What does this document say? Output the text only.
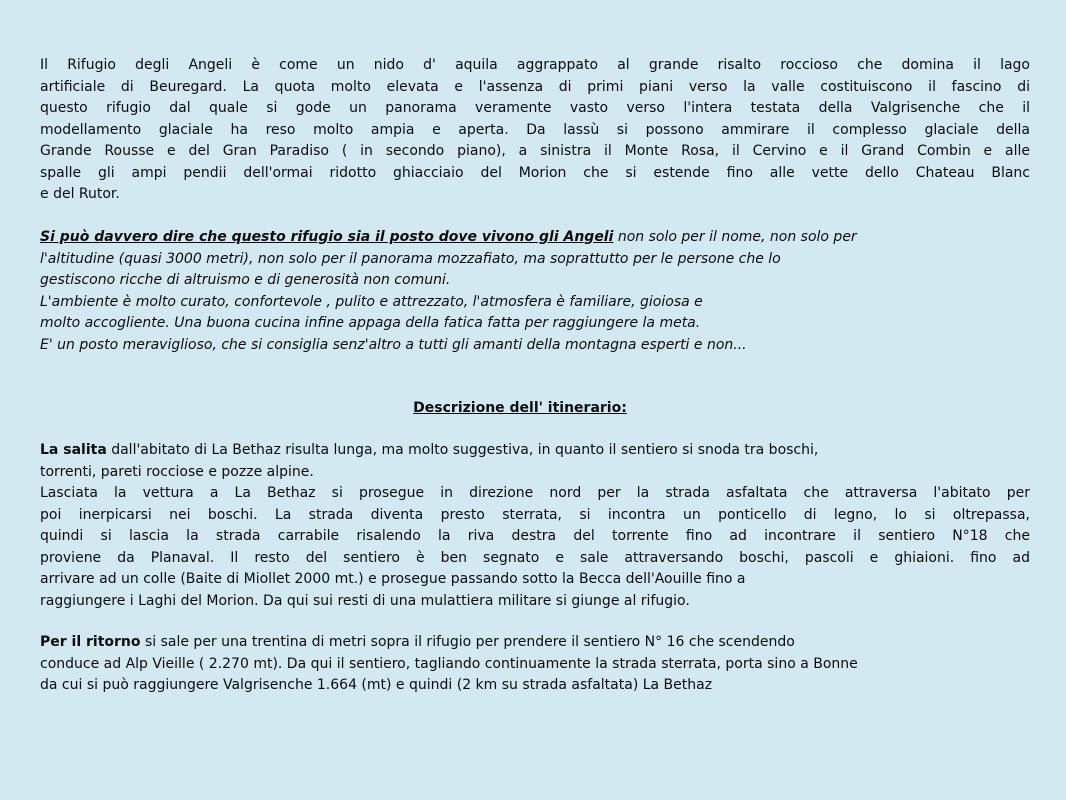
Il Rifugio degli Angeli è come un nido d' aquila aggrappato al grande risalto roccioso che domina il lago
artificiale di Beuregard. La quota molto elevata e l'assenza di primi piani verso la valle costituiscono il fascino di
questo rifugio dal quale si gode un panorama veramente vasto verso l'intera testata della Valgrisenche che il
modellamento glaciale ha reso molto ampia e aperta. Da lassù si possono ammirare il complesso glaciale della
Grande Rousse e del Gran Paradiso ( in secondo piano), a sinistra il Monte Rosa, il Cervino e il Grand Combin e alle
spalle gli ampi pendii dell'ormai ridotto ghiacciaio del Morion che si estende fino alle vette dello Chateau Blanc
e del Rutor.
Si può davvero dire che questo rifugio sia il posto dove vivono gli Angeli non solo per il nome, non solo per
l'altitudine (quasi 3000 metri), non solo per il panorama mozzafiato, ma soprattutto per le persone che lo
gestiscono ricche di altruismo e di generosità non comuni.
L'ambiente è molto curato, confortevole , pulito e attrezzato, l'atmosfera è familiare, gioiosa e
molto accogliente. Una buona cucina infine appaga della fatica fatta per raggiungere la meta.
E' un posto meraviglioso, che si consiglia senz'altro a tutti gli amanti della montagna esperti e non...
Descrizione dell' itinerario:
La salita dall'abitato di La Bethaz risulta lunga, ma molto suggestiva, in quanto il sentiero si snoda tra boschi,
torrenti, pareti rocciose e pozze alpine.
Lasciata la vettura a La Bethaz si prosegue in direzione nord per la strada asfaltata che attraversa l'abitato per
poi inerpicarsi nei boschi. La strada diventa presto sterrata, si incontra un ponticello di legno, lo si oltrepassa,
quindi si lascia la strada carrabile risalendo la riva destra del torrente fino ad incontrare il sentiero N°18 che
proviene da Planaval. Il resto del sentiero è ben segnato e sale attraversando boschi, pascoli e ghiaioni. fino ad
arrivare ad un colle (Baite di Miollet 2000 mt.) e prosegue passando sotto la Becca dell'Aouille fino a
raggiungere i Laghi del Morion. Da qui sui resti di una mulattiera militare si giunge al rifugio.
Per il ritorno si sale per una trentina di metri sopra il rifugio per prendere il sentiero N° 16 che scendendo
conduce ad Alp Vieille ( 2.270 mt). Da qui il sentiero, tagliando continuamente la strada sterrata, porta sino a Bonne
da cui si può raggiungere Valgrisenche 1.664 (mt) e quindi (2 km su strada asfaltata) La Bethaz
